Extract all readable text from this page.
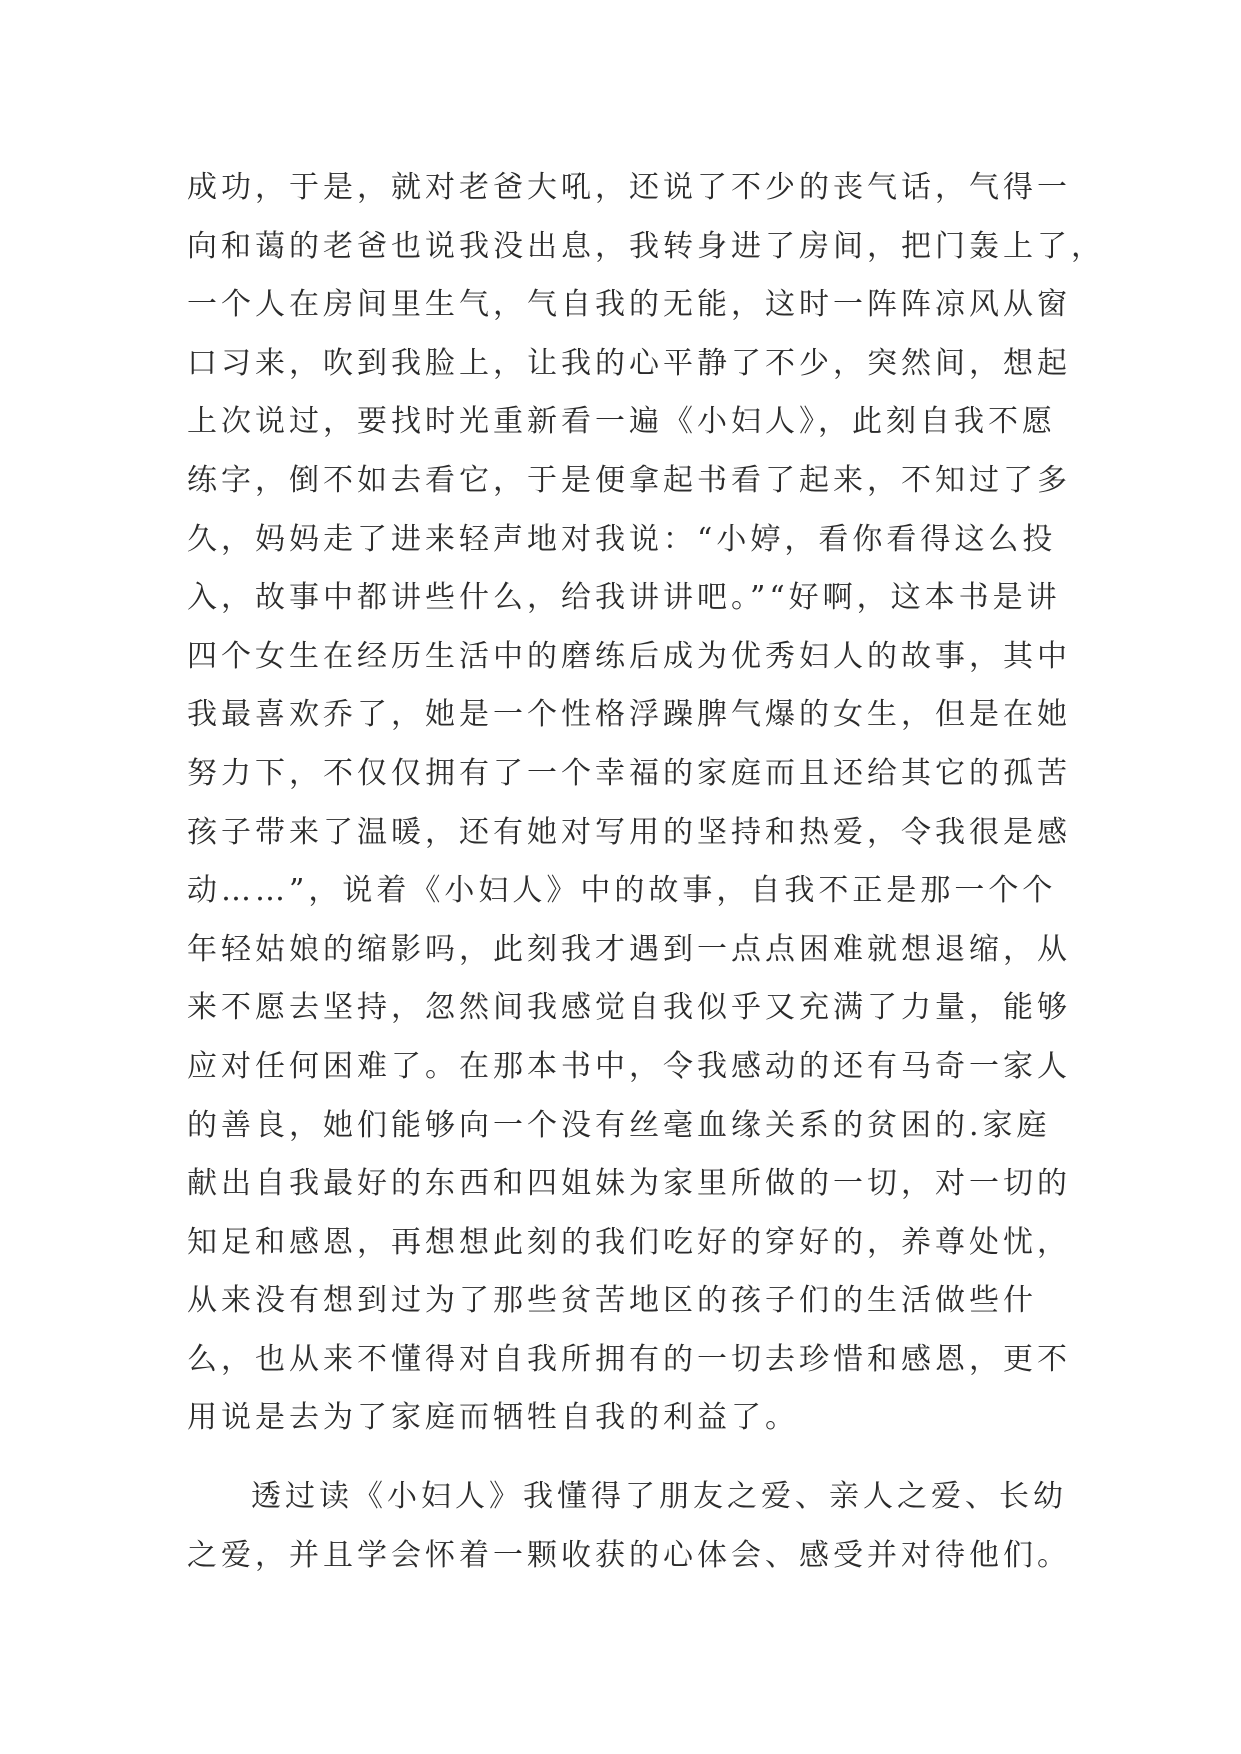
成功，于是，就对老爸大吼，还说了不少的丧气话，气得一
向和蔼的老爸也说我没出息，我转身进了房间，把门轰上了，
一个人在房间里生气，气自我的无能，这时一阵阵凉风从窗
口习来，吹到我脸上，让我的心平静了不少，突然间，想起
上次说过，要找时光重新看一遍《小妇人》，此刻自我不愿
练字，倒不如去看它，于是便拿起书看了起来，不知过了多
久，妈妈走了进来轻声地对我说：“小婷，看你看得这么投
入，故事中都讲些什么，给我讲讲吧。”“好啊，这本书是讲
四个女生在经历生活中的磨练后成为优秀妇人的故事，其中
我最喜欢乔了，她是一个性格浮躁脾气爆的女生，但是在她
努力下，不仅仅拥有了一个幸福的家庭而且还给其它的孤苦
孩子带来了温暖，还有她对写用的坚持和热爱，令我很是感
动……”，说着《小妇人》中的故事，自我不正是那一个个
年轻姑娘的缩影吗，此刻我才遇到一点点困难就想退缩，从
来不愿去坚持，忽然间我感觉自我似乎又充满了力量，能够
应对任何困难了。在那本书中，令我感动的还有马奇一家人
的善良，她们能够向一个没有丝毫血缘关系的贫困的.家庭
献出自我最好的东西和四姐妹为家里所做的一切，对一切的
知足和感恩，再想想此刻的我们吃好的穿好的，养尊处忧，
从来没有想到过为了那些贫苦地区的孩子们的生活做些什
么，也从来不懂得对自我所拥有的一切去珍惜和感恩，更不
用说是去为了家庭而牺牲自我的利益了。
透过读《小妇人》我懂得了朋友之爱、亲人之爱、长幼
之爱，并且学会怀着一颗收获的心体会、感受并对待他们。
